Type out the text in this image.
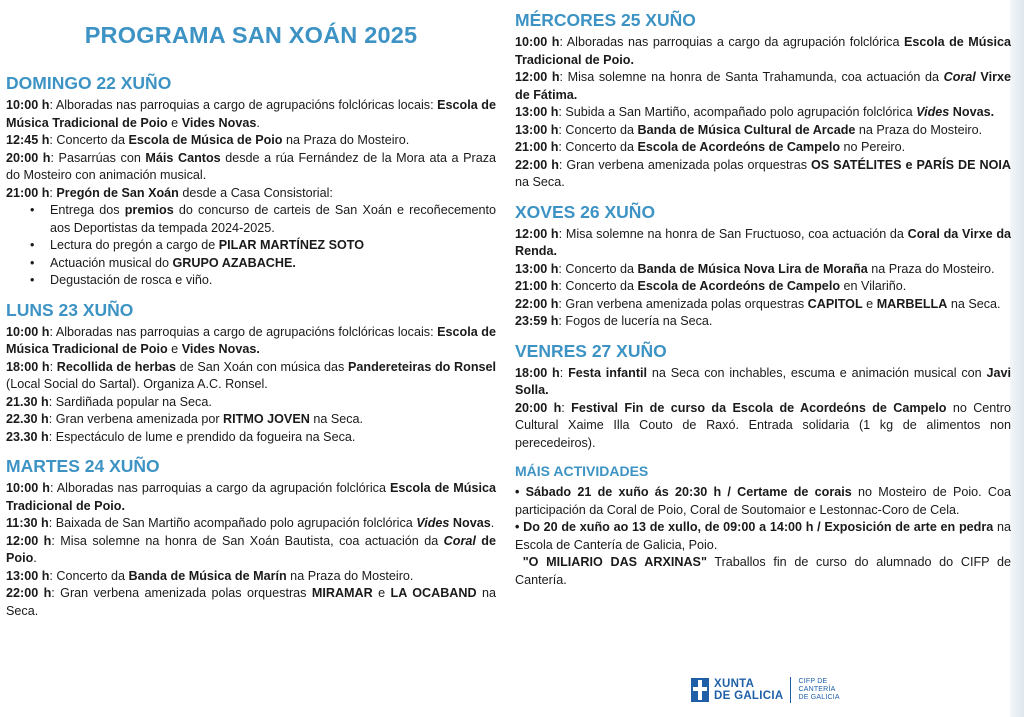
PROGRAMA SAN XOÁN 2025
DOMINGO 22 XUÑO

10:00 h: Alboradas nas parroquias a cargo de agrupacións folclóricas locais: Escola de Música Tradicional de Poio e Vides Novas.

12:45 h: Concerto da Escola de Música de Poio na Praza do Mosteiro.

20:00 h: Pasarrúas con Máis Cantos desde a rúa Fernández de la Mora ata a Praza do Mosteiro con animación musical.

21:00 h: Pregón de San Xoán desde a Casa Consistorial:

• Entrega dos premios do concurso de carteis de San Xoán e recoñecemento aos Deportistas da tempada 2024-2025.
• Lectura do pregón a cargo de PILAR MARTÍNEZ SOTO
• Actuación musical do GRUPO AZABACHE.
• Degustación de rosca e viño.
LUNS 23 XUÑO

10:00 h: Alboradas nas parroquias a cargo de agrupacións folclóricas locais: Escola de Música Tradicional de Poio e Vides Novas.

18:00 h: Recollida de herbas de San Xoán con música das Pandereteiras do Ronsel (Local Social do Sartal). Organiza A.C. Ronsel.

21.30 h: Sardiñada popular na Seca.

22.30 h: Gran verbena amenizada por RITMO JOVEN na Seca.

23.30 h: Espectáculo de lume e prendido da fogueira na Seca.

MARTES 24 XUÑO

10:00 h: Alboradas nas parroquias a cargo da agrupación folclórica Escola de Música Tradicional de Poio.

11:30 h: Baixada de San Martiño acompañado polo agrupación folclórica Vides Novas.

12:00 h: Misa solemne na honra de San Xoán Bautista, coa actuación da Coral de Poio.

13:00 h: Concerto da Banda de Música de Marín na Praza do Mosteiro.

22:00 h: Gran verbena amenizada polas orquestras MIRAMAR e LA OCABAND na Seca.

MÉRCORES 25 XUÑO

10:00 h: Alboradas nas parroquias a cargo da agrupación folclórica Escola de Música Tradicional de Poio.

12:00 h: Misa solemne na honra de Santa Trahamunda, coa actuación da Coral Virxe de Fátima.

13:00 h: Subida a San Martiño, acompañado polo agrupación folclórica Vides Novas.

13:00 h: Concerto da Banda de Música Cultural de Arcade na Praza do Mosteiro.

21:00 h: Concerto da Escola de Acordeóns de Campelo no Pereiro.

22:00 h: Gran verbena amenizada polas orquestras OS SATÉLITES e PARÍS DE NOIA na Seca.

XOVES 26 XUÑO

12:00 h: Misa solemne na honra de San Fructuoso, coa actuación da Coral da Virxe da Renda.

13:00 h: Concerto da Banda de Música Nova Lira de Moraña na Praza do Mosteiro.

21:00 h: Concerto da Escola de Acordeóns de Campelo en Vilariño.

22:00 h: Gran verbena amenizada polas orquestras CAPITOL e MARBELLA na Seca.

23:59 h: Fogos de lucería na Seca.

VENRES 27 XUÑO

18:00 h: Festa infantil na Seca con inchables, escuma e animación musical con Javi Solla.

20:00 h: Festival Fin de curso da Escola de Acordeóns de Campelo no Centro Cultural Xaime Illa Couto de Raxó. Entrada solidaria (1 kg de alimentos non perecedeiros).

MÁIS ACTIVIDADES

• Sábado 21 de xuño ás 20:30 h / Certame de corais no Mosteiro de Poio. Coa participación da Coral de Poio, Coral de Soutomaior e Lestonnac-Coro de Cela.

• Do 20 de xuño ao 13 de xullo, de 09:00 a 14:00 h / Exposición de arte en pedra na Escola de Cantería de Galicia, Poio.

"O MILIARIO DAS ARXINAS" Traballos fin de curso do alumnado do CIFP de Cantería.

XUNTA
DE GALICIA
CIFP DE
CANTERÍA
DE GALICIA
